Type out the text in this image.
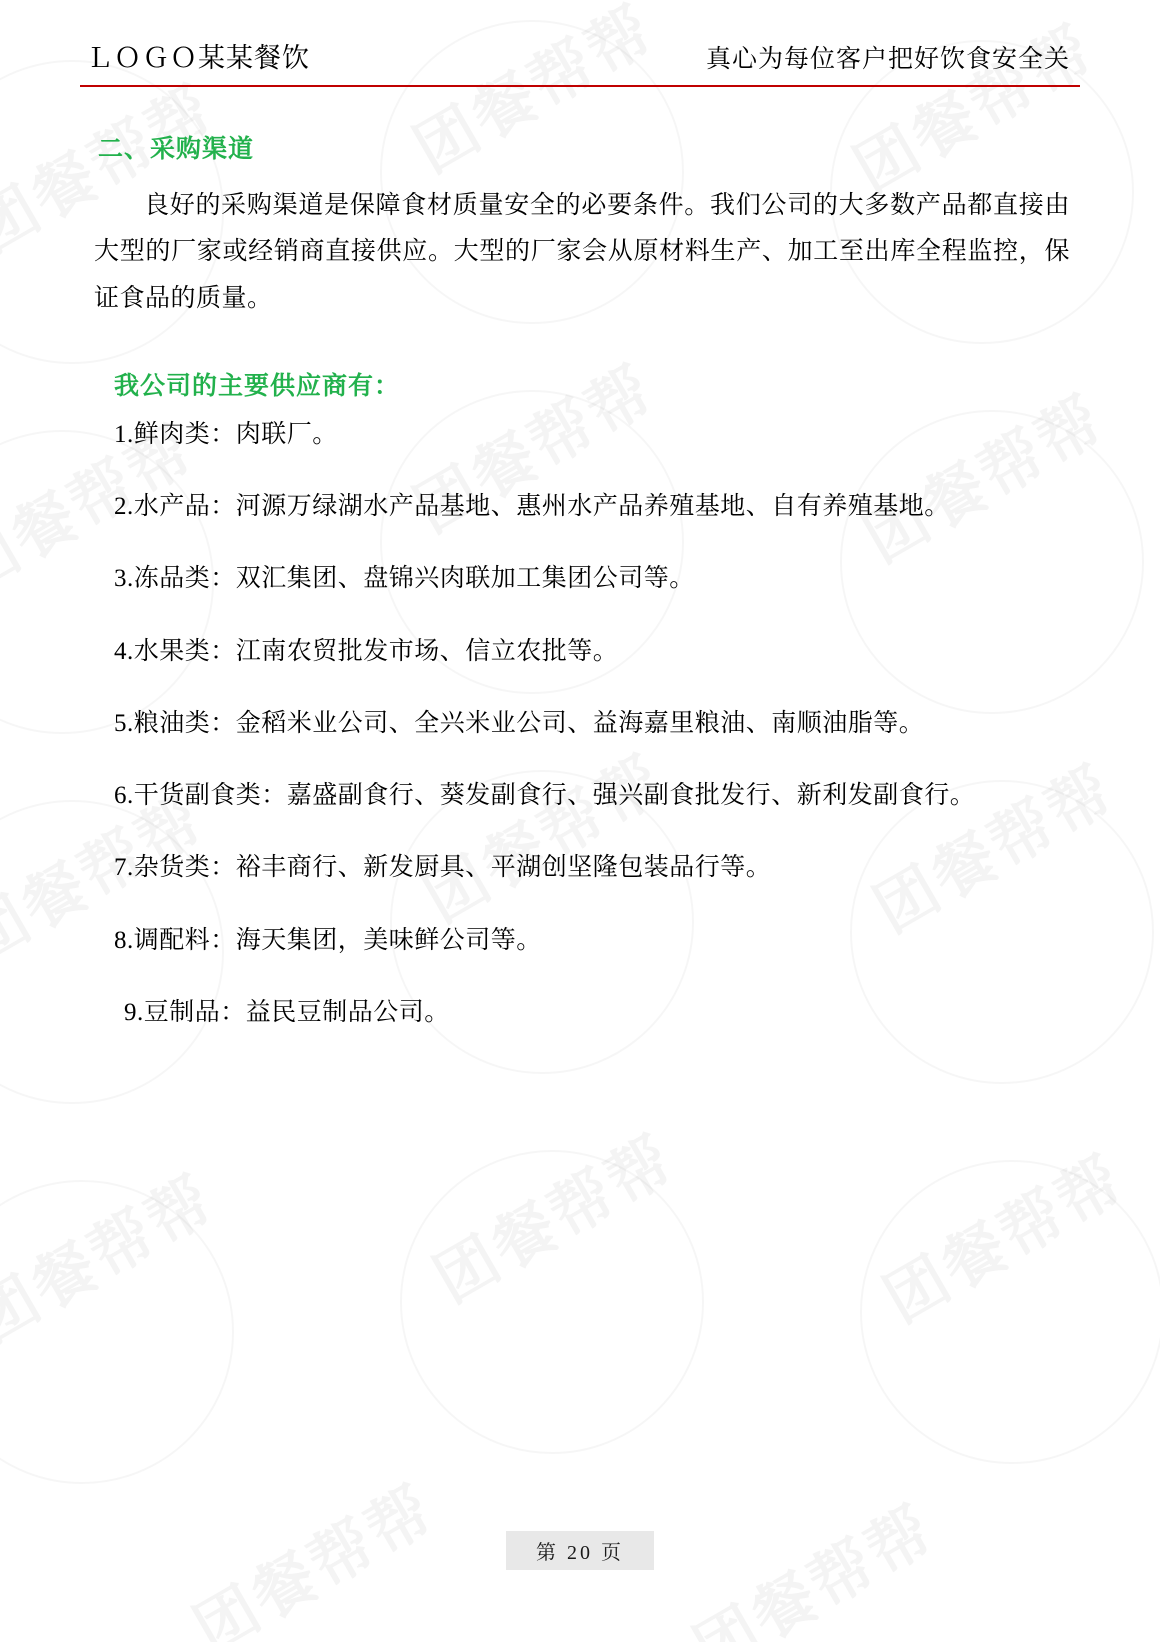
ＬＯＧＯ某某餐饮	真心为每位客户把好饮食安全关
二、采购渠道

良好的采购渠道是保障食材质量安全的必要条件。我们公司的大多数产品都直接由大型的厂家或经销商直接供应。大型的厂家会从原材料生产、加工至出库全程监控，保证食品的质量。

我公司的主要供应商有：
1.鲜肉类：肉联厂。
2.水产品：河源万绿湖水产品基地、惠州水产品养殖基地、自有养殖基地。
3.冻品类：双汇集团、盘锦兴肉联加工集团公司等。
4.水果类：江南农贸批发市场、信立农批等。
5.粮油类：金稻米业公司、全兴米业公司、益海嘉里粮油、南顺油脂等。
6.干货副食类：嘉盛副食行、葵发副食行、强兴副食批发行、新利发副食行。
7.杂货类：裕丰商行、新发厨具、平湖创坚隆包装品行等。
8.调配料：海天集团，美味鲜公司等。
9.豆制品：益民豆制品公司。
第 20 页
